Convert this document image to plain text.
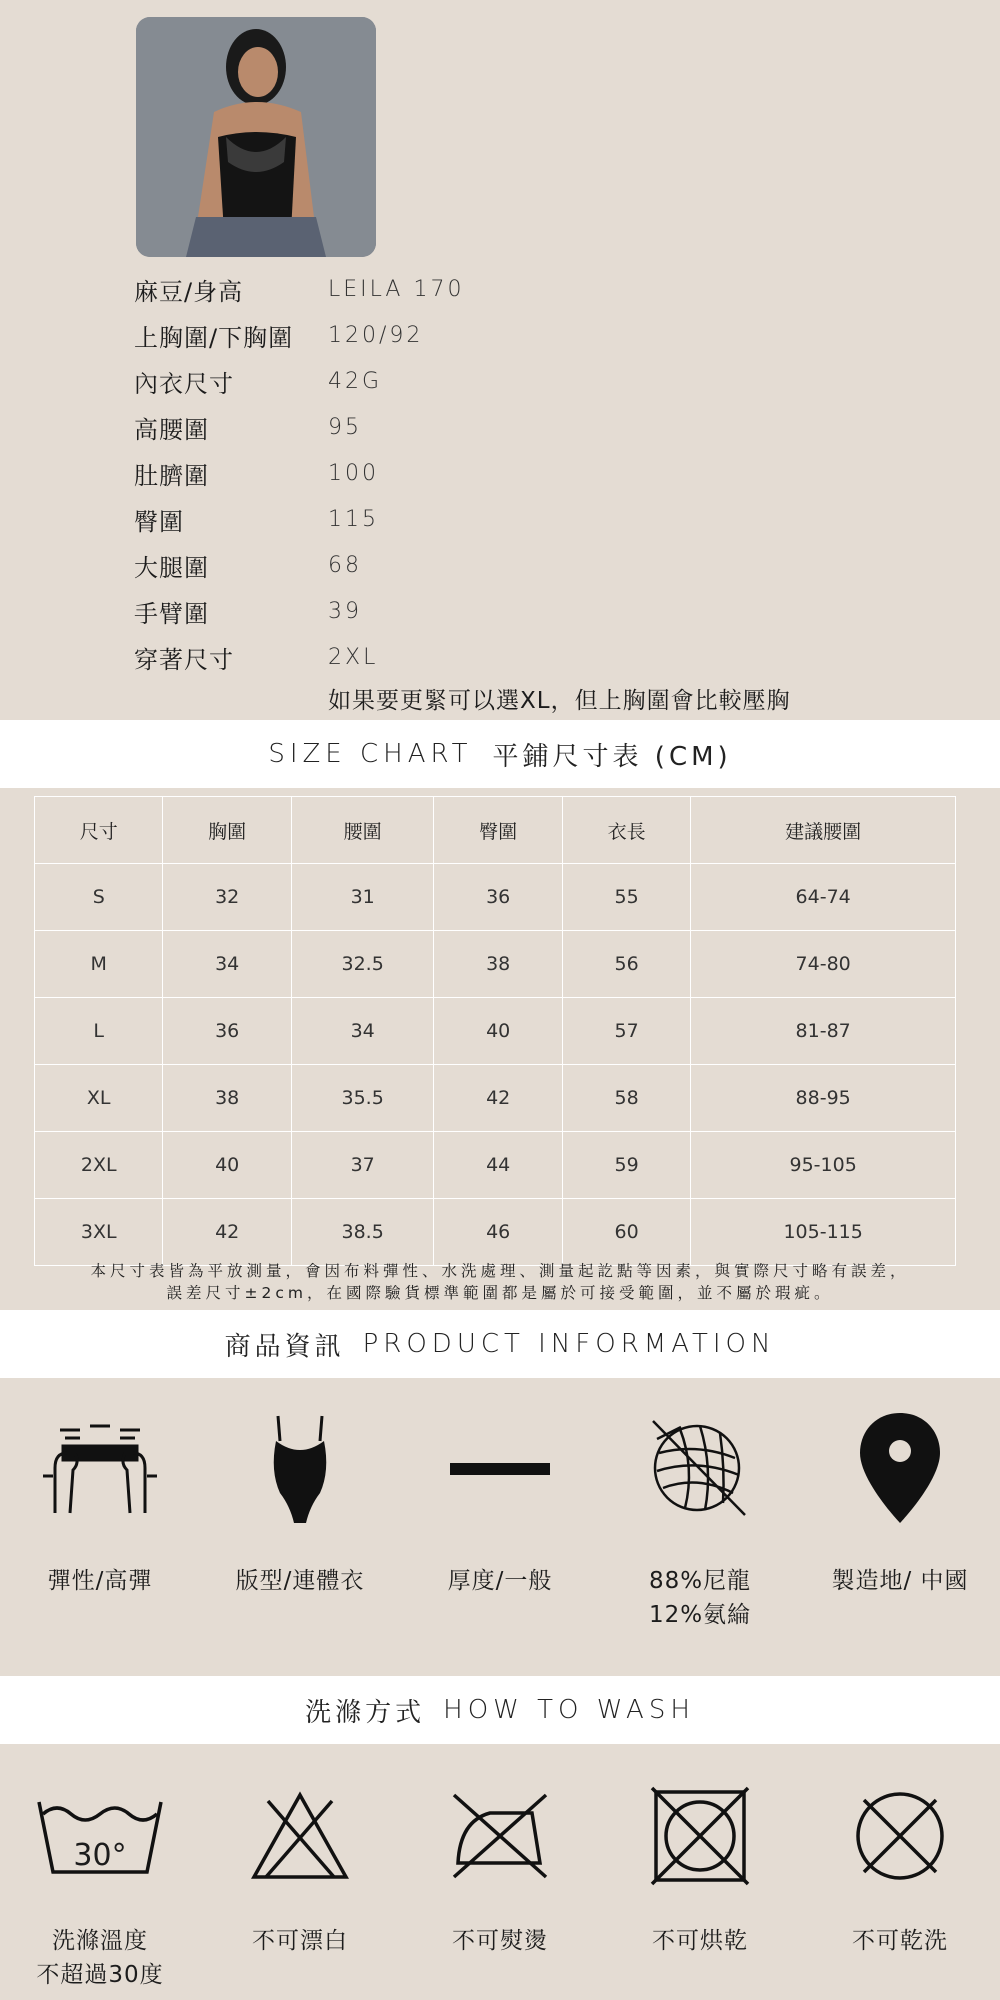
麻豆/身高	LEILA 170
上胸圍/下胸圍	120/92
內衣尺寸	42G
高腰圍	95
肚臍圍	100
臀圍	115
大腿圍	68
手臂圍	39
穿著尺寸	2XL
如果要更緊可以選XL，但上胸圍會比較壓胸
SIZE CHART 平鋪尺寸表 (CM)
尺寸	胸圍	腰圍	臀圍	衣長	建議腰圍
S	32	31	36	55	64-74
M	34	32.5	38	56	74-80
L	36	34	40	57	81-87
XL	38	35.5	42	58	88-95
2XL	40	37	44	59	95-105
3XL	42	38.5	46	60	105-115
本尺寸表皆為平放測量，會因布料彈性、水洗處理、測量起訖點等因素，與實際尺寸略有誤差，
誤差尺寸±2cm，在國際驗貨標準範圍都是屬於可接受範圍，並不屬於瑕疵。
商品資訊 PRODUCT INFORMATION
彈性/高彈	版型/連體衣	厚度/一般	88%尼龍
12%氨綸
製造地/ 中國
洗滌方式 HOW TO WASH
30°
洗滌溫度
不超過30度
不可漂白	不可熨燙	不可烘乾	不可乾洗
